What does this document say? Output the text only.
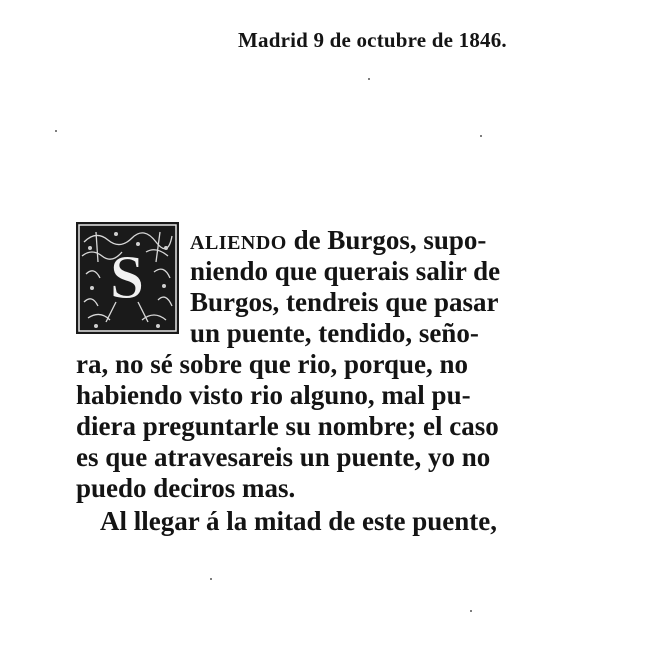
Madrid 9 de octubre de 1846.
S
ALIENDO de Burgos, supo-
niendo que querais salir de
Burgos, tendreis que pasar
un puente, tendido, seño-
ra, no sé sobre que rio, porque, no
habiendo visto rio alguno, mal pu-
diera preguntarle su nombre; el caso
es que atravesareis un puente, yo no
puedo deciros mas.
Al llegar á la mitad de este puente,
